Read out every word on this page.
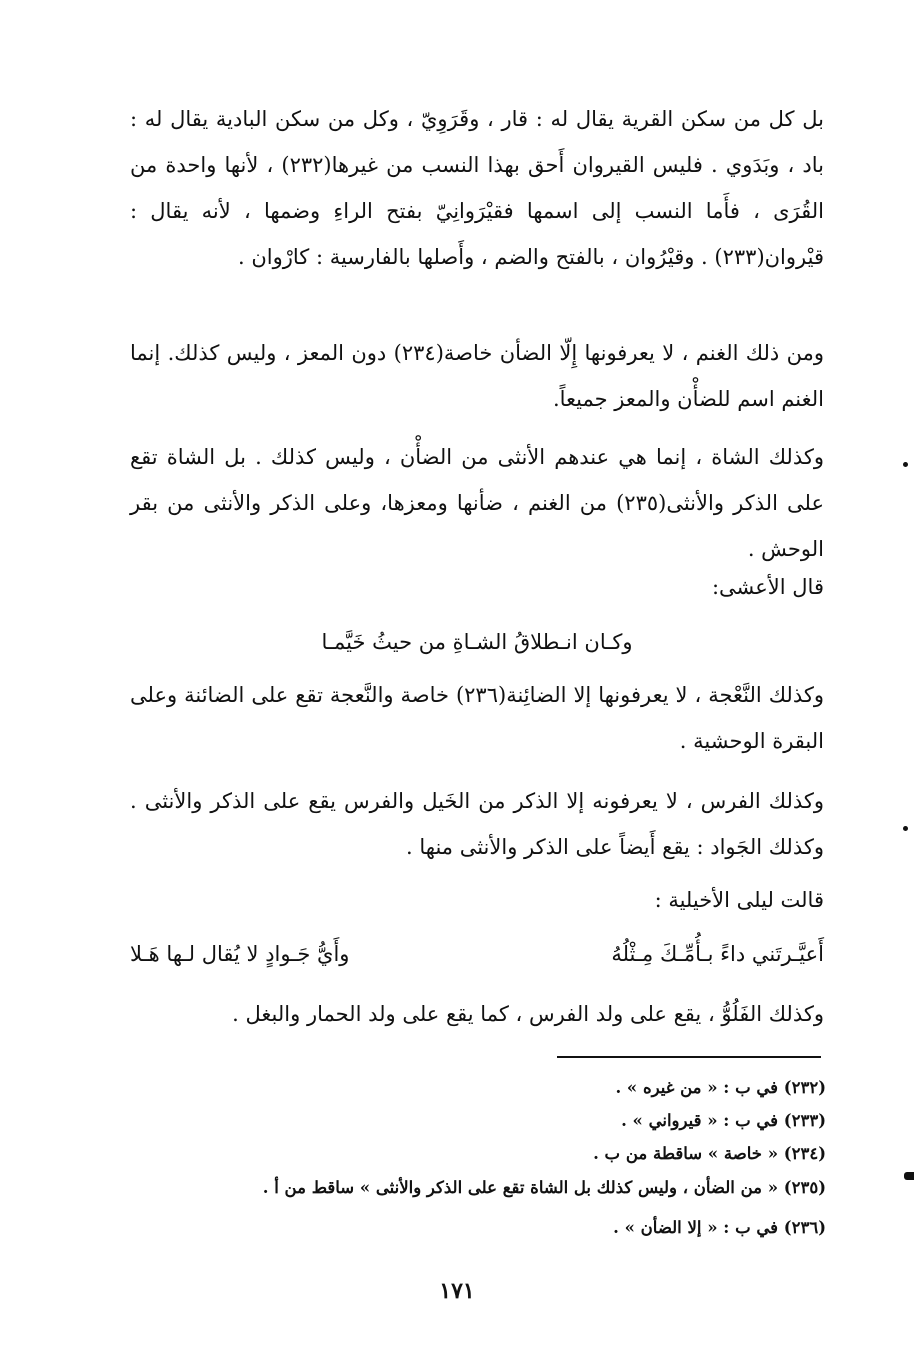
بل كل من سكن القرية يقال له : قار ، وقَرَوِيّ ، وكل من سكن البادية يقال له : باد ، وبَدَوي . فليس القيروان أَحق بهذا النسب من غيرها(٢٣٢) ، لأنها واحدة من القُرَى ، فأَما النسب إلى اسمها فقيْرَوانِيّ بفتح الراءِ وضمها ، لأنه يقال : قيْروان(٢٣٣) . وقيْرُوان ، بالفتح والضم ، وأَصلها بالفارسية : كارْوان .

ومن ذلك الغنم ، لا يعرفونها إِلّا الضأن خاصة(٢٣٤) دون المعز ، وليس كذلك. إنما الغنم اسم للضأْن والمعز جميعاً.

وكذلك الشاة ، إنما هي عندهم الأنثى من الضأْن ، وليس كذلك . بل الشاة تقع على الذكر والأنثى(٢٣٥) من الغنم ، ضأنها ومعزها، وعلى الذكر والأنثى من بقر الوحش .

قال الأعشى:
وكـان انـطلاقُ الشـاةِ من حيثُ خَيَّمـا

وكذلك النَّعْجة ، لا يعرفونها إلا الضائِنة(٢٣٦) خاصة والنَّعجة تقع على الضائنة وعلى البقرة الوحشية .

وكذلك الفرس ، لا يعرفونه إلا الذكر من الخَيل والفرس يقع على الذكر والأنثى . وكذلك الجَواد : يقع أَيضاً على الذكر والأنثى منها .

قالت ليلى الأخيلية :
أَعيَّـرتَني داءً بـأُمِّـكَ مِـثْلُهُ
وأَيُّ جَـوادٍ لا يُقال لـها هَـلا
وكذلك الفَلُوُّ ، يقع على ولد الفرس ، كما يقع على ولد الحمار والبغل .
(٢٣٢) في ب : « من غيره » .
(٢٣٣) في ب : « قيرواني » .
(٢٣٤) « خاصة » ساقطة من ب .
(٢٣٥) « من الضأن ، وليس كذلك بل الشاة تقع على الذكر والأنثى » ساقط من أ .
(٢٣٦) في ب : « إلا الضأن » .
١٧١
